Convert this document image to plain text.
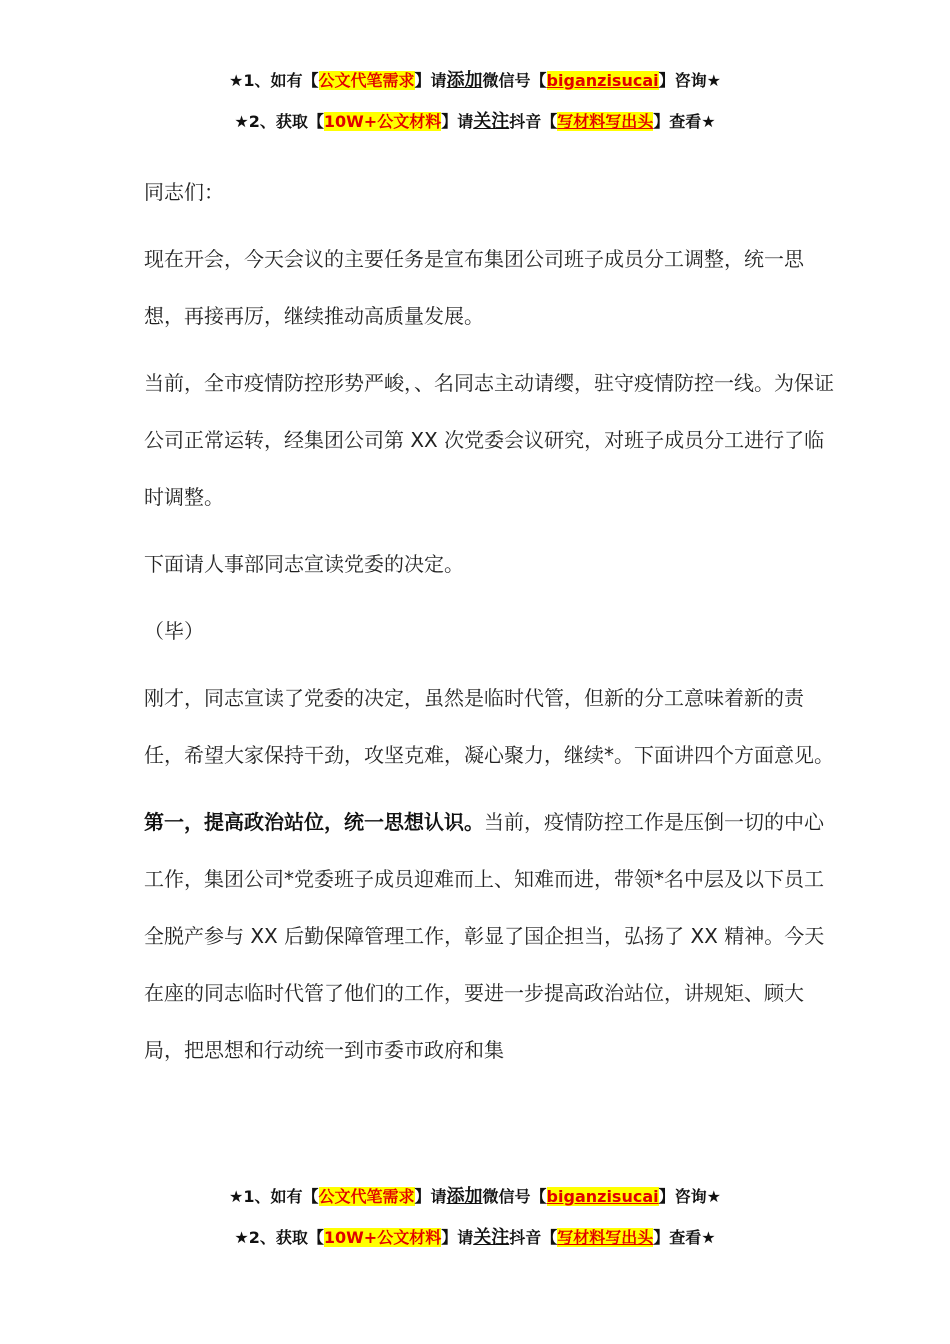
★1、如有【公文代笔需求】请添加微信号【biganzisucai】咨询★
★2、获取【10W+公文材料】请关注抖音【写材料写出头】查看★

同志们：

现在开会，今天会议的主要任务是宣布集团公司班子成员分工调整，统一思想，再接再厉，继续推动高质量发展。

当前，全市疫情防控形势严峻，、名同志主动请缨，驻守疫情防控一线。为保证公司正常运转，经集团公司第 XX 次党委会议研究，对班子成员分工进行了临时调整。

下面请人事部同志宣读党委的决定。

（毕）

刚才，同志宣读了党委的决定，虽然是临时代管，但新的分工意味着新的责任，希望大家保持干劲，攻坚克难，凝心聚力，继续*。下面讲四个方面意见。

第一，提高政治站位，统一思想认识。当前，疫情防控工作是压倒一切的中心工作，集团公司*党委班子成员迎难而上、知难而进，带领*名中层及以下员工全脱产参与 XX 后勤保障管理工作，彰显了国企担当，弘扬了 XX 精神。今天在座的同志临时代管了他们的工作，要进一步提高政治站位，讲规矩、顾大局，把思想和行动统一到市委市政府和集

★1、如有【公文代笔需求】请添加微信号【biganzisucai】咨询★
★2、获取【10W+公文材料】请关注抖音【写材料写出头】查看★
